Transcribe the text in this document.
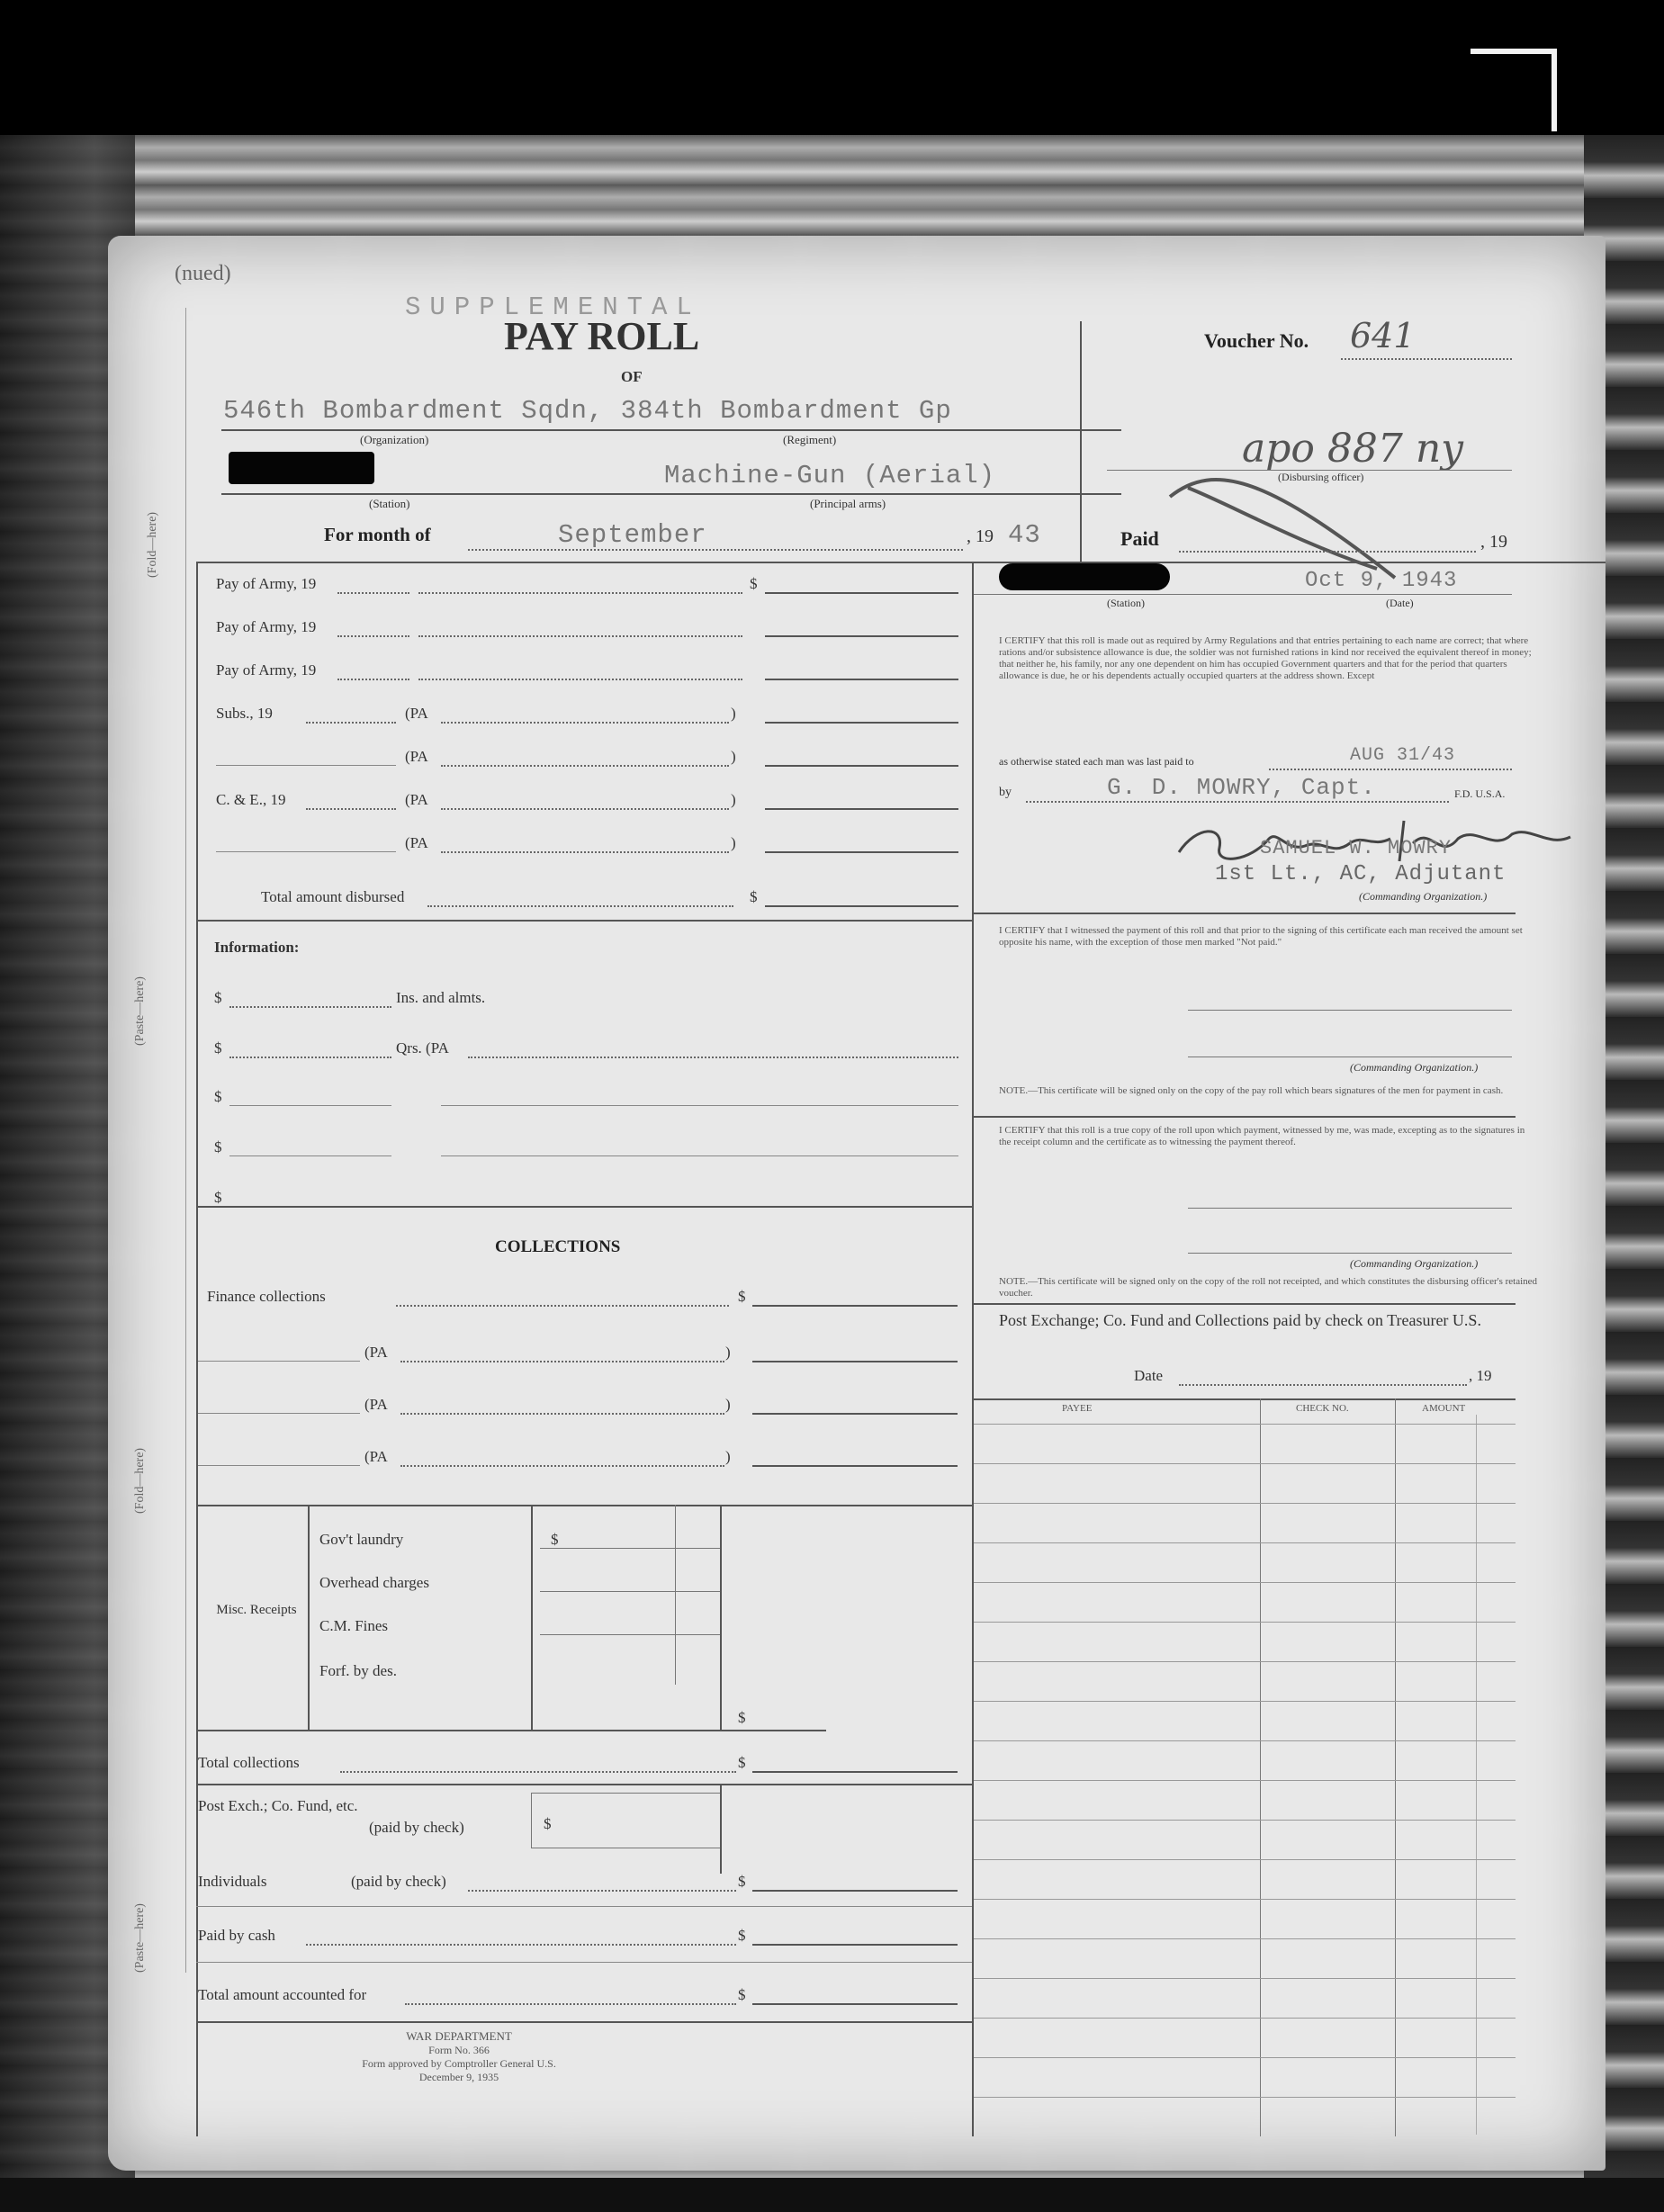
(Fold—here)
(Paste—here)
(Fold—here)
(Paste—here)
(nued)
SUPPLEMENTAL
PAY ROLL
OF
546th Bombardment Sqdn, 384th Bombardment Gp
(Organization)	(Regiment)
Machine-Gun (Aerial)
(Station)	(Principal arms)
For month of	September	, 19 43
Voucher No. 641
apo 887 ny
(Disbursing officer)
Paid	, 19
Oct 9, 1943
(Station)	(Date)
Pay of Army, 19	$
Pay of Army, 19
Pay of Army, 19
Subs., 19	(PA	)
(PA	)
C. & E., 19	(PA	)
(PA	)
Total amount disbursed	$
Information:
$	Ins. and almts.
$	Qrs. (PA
$
$
$
COLLECTIONS
Finance collections	$
(PA	)
(PA	)
(PA	)
Misc. Receipts
Gov't laundry	$
Overhead charges
C.M. Fines
Forf. by des.
$
Total collections	$
Post Exch.; Co. Fund, etc.
(paid by check)	$
Individuals	(paid by check)	$
Paid by cash	$
Total amount accounted for	$
WAR DEPARTMENT
Form No. 366
Form approved by Comptroller General U.S.
December 9, 1935
I CERTIFY that this roll is made out as required by Army Regulations and that entries pertaining to each name are correct; that where rations and/or subsistence allowance is due, the soldier was not furnished rations in kind nor received the equivalent thereof in money; that neither he, his family, nor any one dependent on him has occupied Government quarters and that for the period that quarters allowance is due, he or his dependents actually occupied quarters at the address shown. Except
as otherwise stated each man was last paid to	AUG 31/43
by	G. D. MOWRY, Capt.	F.D. U.S.A.
SAMUEL W. MOWRY
1st Lt., AC, Adjutant
(Commanding Organization.)
I CERTIFY that I witnessed the payment of this roll and that prior to the signing of this certificate each man received the amount set opposite his name, with the exception of those men marked "Not paid."
(Commanding Organization.)
NOTE.—This certificate will be signed only on the copy of the pay roll which bears signatures of the men for payment in cash.
I CERTIFY that this roll is a true copy of the roll upon which payment, witnessed by me, was made, excepting as to the signatures in the receipt column and the certificate as to witnessing the payment thereof.
(Commanding Organization.)
NOTE.—This certificate will be signed only on the copy of the roll not receipted, and which constitutes the disbursing officer's retained voucher.
Post Exchange; Co. Fund and Collections paid by check on Treasurer U.S.
Date	, 19
PAYEE	CHECK NO.	AMOUNT
